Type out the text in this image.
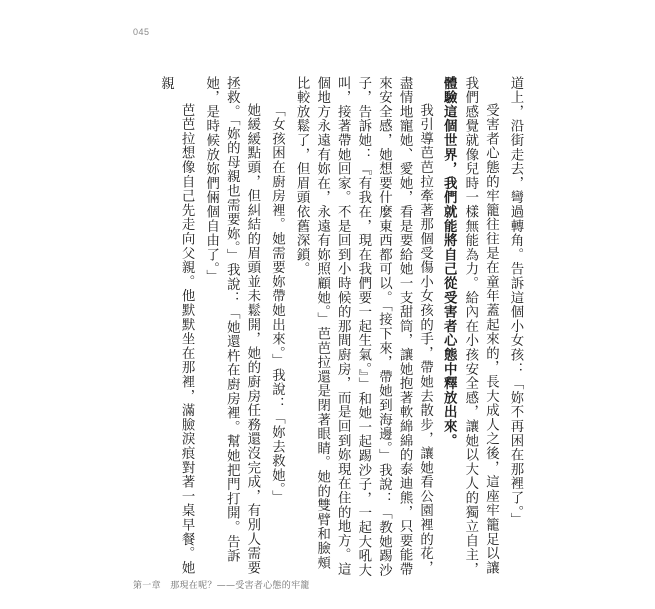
045

道上，沿街走去，彎過轉角。告訴這個小女孩：「妳不再困在那裡了。」

受害者心態的牢籠往往是在童年蓋起來的，長大成人之後，這座牢籠足以讓我們感覺就像兒時一樣無能為力。給內在小孩安全感，讓她以大人的獨立自主，體驗這個世界，我們就能將自己從受害者心態中釋放出來。

我引導芭芭拉牽著那個受傷小女孩的手，帶她去散步，讓她看公園裡的花，盡情地寵她、愛她，看是要給她一支甜筒，讓她抱著軟綿綿的泰迪熊，只要能帶來安全感，她想要什麼東西都可以。「接下來，帶她到海邊。」我說：「教她踢沙子，告訴她：『有我在，現在我們要一起生氣。』」和她一起踢沙子，一起大吼大叫，接著帶她回家。不是回到小時候的那間廚房，而是回到妳現在住的地方。這個地方永遠有妳在，永遠有妳照顧她。」芭芭拉還是閉著眼睛。她的雙臂和臉頰比較放鬆了，但眉頭依舊深鎖。

「女孩困在廚房裡。她需要妳帶她出來。」我說：「妳去救她。」

她緩緩點頭，但糾結的眉頭並未鬆開，她的廚房任務還沒完成，有別人需要拯救。「妳的母親也需要妳。」我說：「她還杵在廚房裡。幫她把門打開。告訴她，是時候放妳們倆個自由了。」

芭芭拉想像自己先走向父親。他默默坐在那裡，滿臉淚痕對著一桌早餐。她親

第一章　那現在呢？——受害者心態的牢籠
